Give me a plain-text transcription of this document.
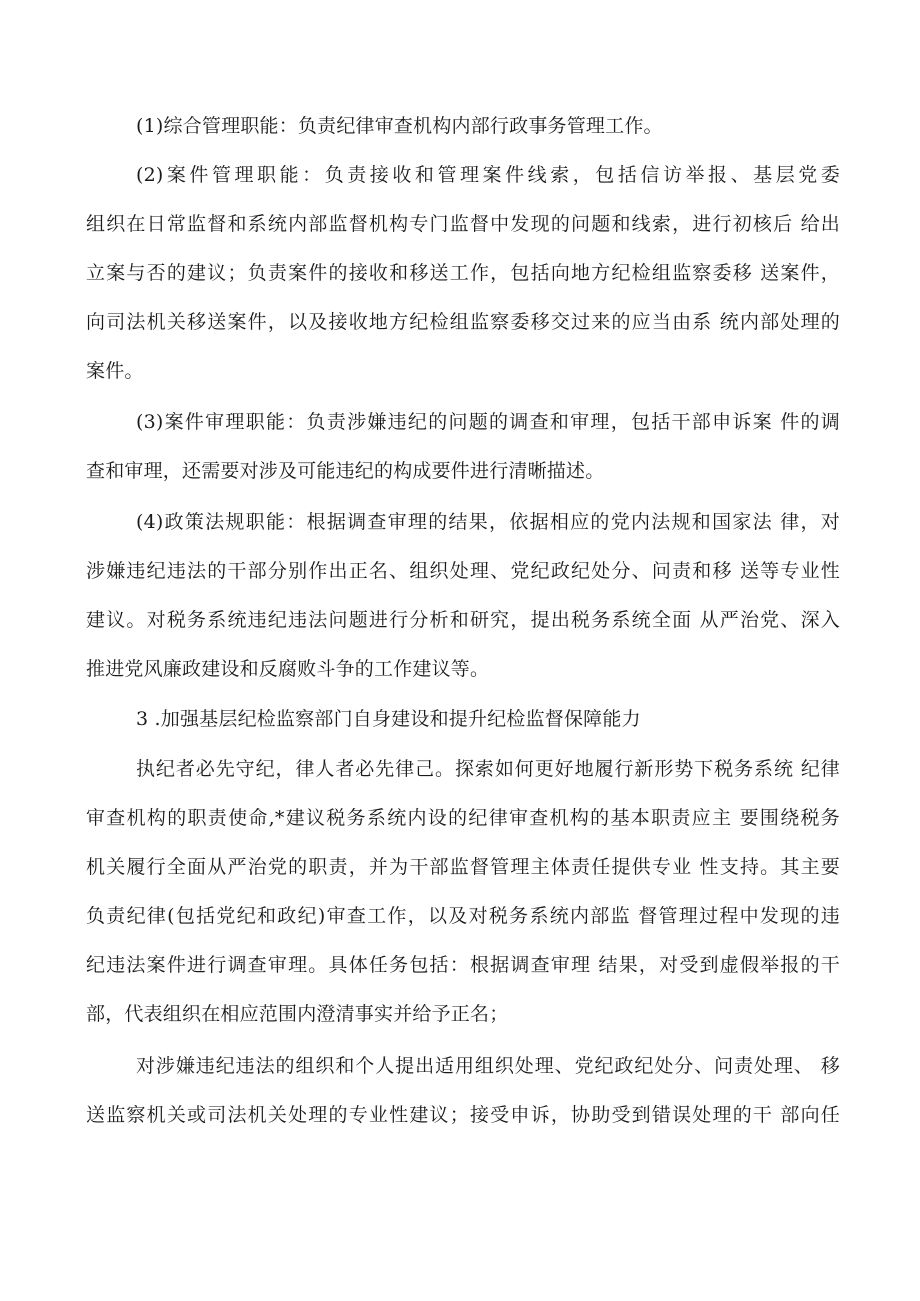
(1)综合管理职能：负责纪律审查机构内部行政事务管理工作。
(2)案件管理职能：负责接收和管理案件线索，包括信访举报、基层党委
组织在日常监督和系统内部监督机构专门监督中发现的问题和线索，进行初核后 给出
立案与否的建议；负责案件的接收和移送工作，包括向地方纪检组监察委移 送案件，
向司法机关移送案件，以及接收地方纪检组监察委移交过来的应当由系 统内部处理的
案件。
(3)案件审理职能：负责涉嫌违纪的问题的调查和审理，包括干部申诉案 件的调
查和审理，还需要对涉及可能违纪的构成要件进行清晰描述。
(4)政策法规职能：根据调查审理的结果，依据相应的党内法规和国家法 律，对
涉嫌违纪违法的干部分别作出正名、组织处理、党纪政纪处分、问责和移 送等专业性
建议。对税务系统违纪违法问题进行分析和研究，提出税务系统全面 从严治党、深入
推进党风廉政建设和反腐败斗争的工作建议等。
3 .加强基层纪检监察部门自身建设和提升纪检监督保障能力
执纪者必先守纪，律人者必先律己。探索如何更好地履行新形势下税务系统 纪律
审查机构的职责使命,*建议税务系统内设的纪律审查机构的基本职责应主 要围绕税务
机关履行全面从严治党的职责，并为干部监督管理主体责任提供专业 性支持。其主要
负责纪律(包括党纪和政纪)审查工作，以及对税务系统内部监 督管理过程中发现的违
纪违法案件进行调查审理。具体任务包括：根据调查审理 结果，对受到虚假举报的干
部，代表组织在相应范围内澄清事实并给予正名；
对涉嫌违纪违法的组织和个人提出适用组织处理、党纪政纪处分、问责处理、 移
送监察机关或司法机关处理的专业性建议；接受申诉，协助受到错误处理的干 部向任
